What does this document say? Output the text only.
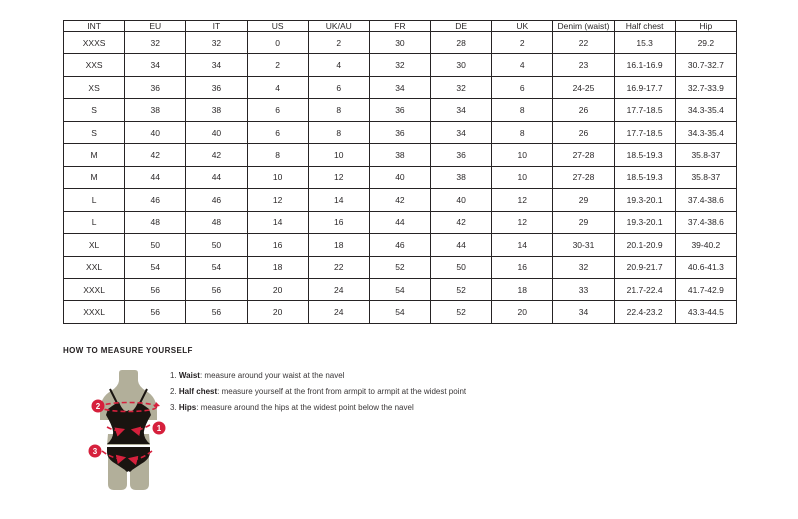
INT	EU	IT	US	UK/AU	FR	DE	UK	Denim (waist)	Half chest	Hip
XXXS	32	32	0	2	30	28	2	22	15.3	29.2
XXS	34	34	2	4	32	30	4	23	16.1-16.9	30.7-32.7
XS	36	36	4	6	34	32	6	24-25	16.9-17.7	32.7-33.9
S	38	38	6	8	36	34	8	26	17.7-18.5	34.3-35.4
S	40	40	6	8	36	34	8	26	17.7-18.5	34.3-35.4
M	42	42	8	10	38	36	10	27-28	18.5-19.3	35.8-37
M	44	44	10	12	40	38	10	27-28	18.5-19.3	35.8-37
L	46	46	12	14	42	40	12	29	19.3-20.1	37.4-38.6
L	48	48	14	16	44	42	12	29	19.3-20.1	37.4-38.6
XL	50	50	16	18	46	44	14	30-31	20.1-20.9	39-40.2
XXL	54	54	18	22	52	50	16	32	20.9-21.7	40.6-41.3
XXXL	56	56	20	24	54	52	18	33	21.7-22.4	41.7-42.9
XXXL	56	56	20	24	54	52	20	34	22.4-23.2	43.3-44.5
HOW TO MEASURE YOURSELF
1. Waist: measure around your waist at the navel
2. Half chest: measure yourself at the front from armpit to armpit at the widest point
3. Hips: measure around the hips at the widest point below the navel
2
1
3
